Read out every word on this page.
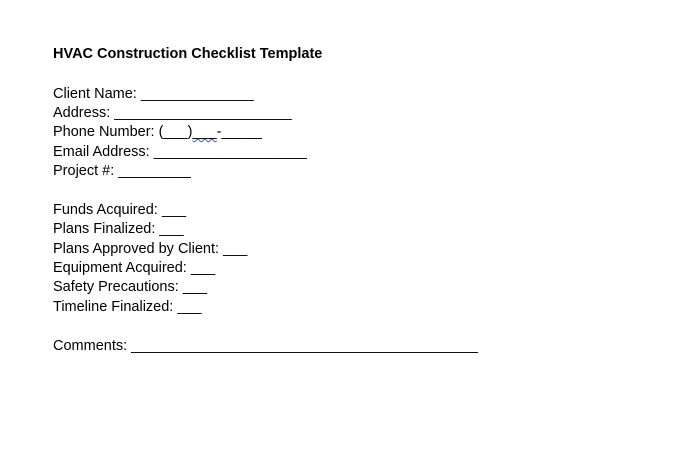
HVAC Construction Checklist Template
Client Name: ______________
Address: ______________________
Phone Number: (___)___-_____
Email Address: ___________________
Project #: _________
Funds Acquired: ___
Plans Finalized: ___
Plans Approved by Client: ___
Equipment Acquired: ___
Safety Precautions: ___
Timeline Finalized: ___
Comments: ___________________________________________
